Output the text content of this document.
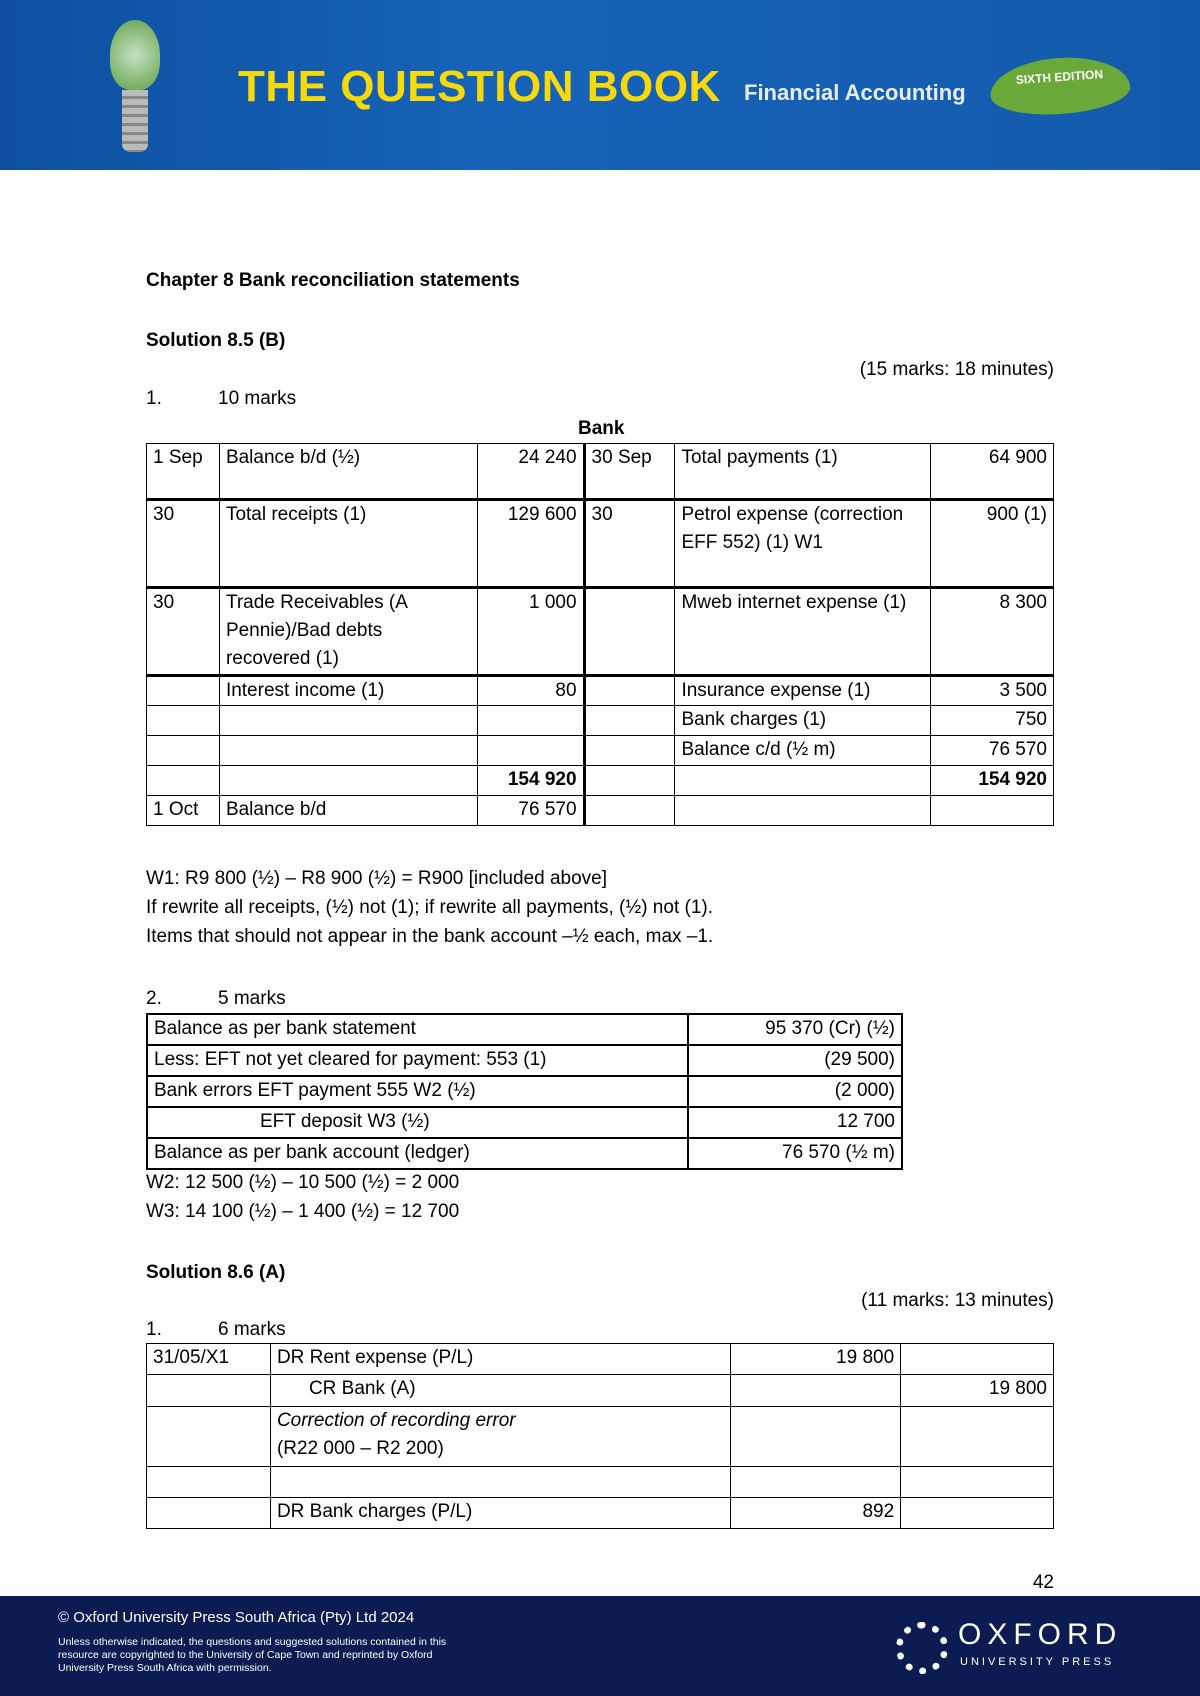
THE QUESTION BOOK Financial Accounting
SIXTH EDITION
Chapter 8 Bank reconciliation statements
Solution 8.5 (B)
(15 marks: 18 minutes)
1.	10 marks
Bank
1 Sep	Balance b/d (½)	24 240	30 Sep	Total payments (1)	64 900
30	Total receipts (1)	129 600	30	Petrol expense (correction EFF 552) (1) W1	900 (1)
30	Trade Receivables (A Pennie)/Bad debts recovered (1)	1 000		Mweb internet expense (1)	8 300
	Interest income (1)	80		Insurance expense (1)	3 500
				Bank charges (1)	750
				Balance c/d (½ m)	76 570
		154 920			154 920
1 Oct	Balance b/d	76 570			
W1: R9 800 (½) – R8 900 (½) = R900 [included above]
If rewrite all receipts, (½) not (1); if rewrite all payments, (½) not (1).
Items that should not appear in the bank account –½ each, max –1.
2.	5 marks
Balance as per bank statement	95 370 (Cr) (½)
Less: EFT not yet cleared for payment: 553 (1)	(29 500)
Bank errors EFT payment 555 W2 (½)	(2 000)
EFT deposit W3 (½)	12 700
Balance as per bank account (ledger)	76 570 (½ m)
W2: 12 500 (½) – 10 500 (½) = 2 000
W3: 14 100 (½) – 1 400 (½) = 12 700
Solution 8.6 (A)
(11 marks: 13 minutes)
1.	6 marks
31/05/X1	DR Rent expense (P/L)	19 800	
	CR Bank (A)		19 800
	Correction of recording error
(R22 000 – R2 200)		

	DR Bank charges (P/L)	892	
42
© Oxford University Press South Africa (Pty) Ltd 2024
Unless otherwise indicated, the questions and suggested solutions contained in this resource are copyrighted to the University of Cape Town and reprinted by Oxford University Press South Africa with permission.
OXFORD
UNIVERSITY PRESS
